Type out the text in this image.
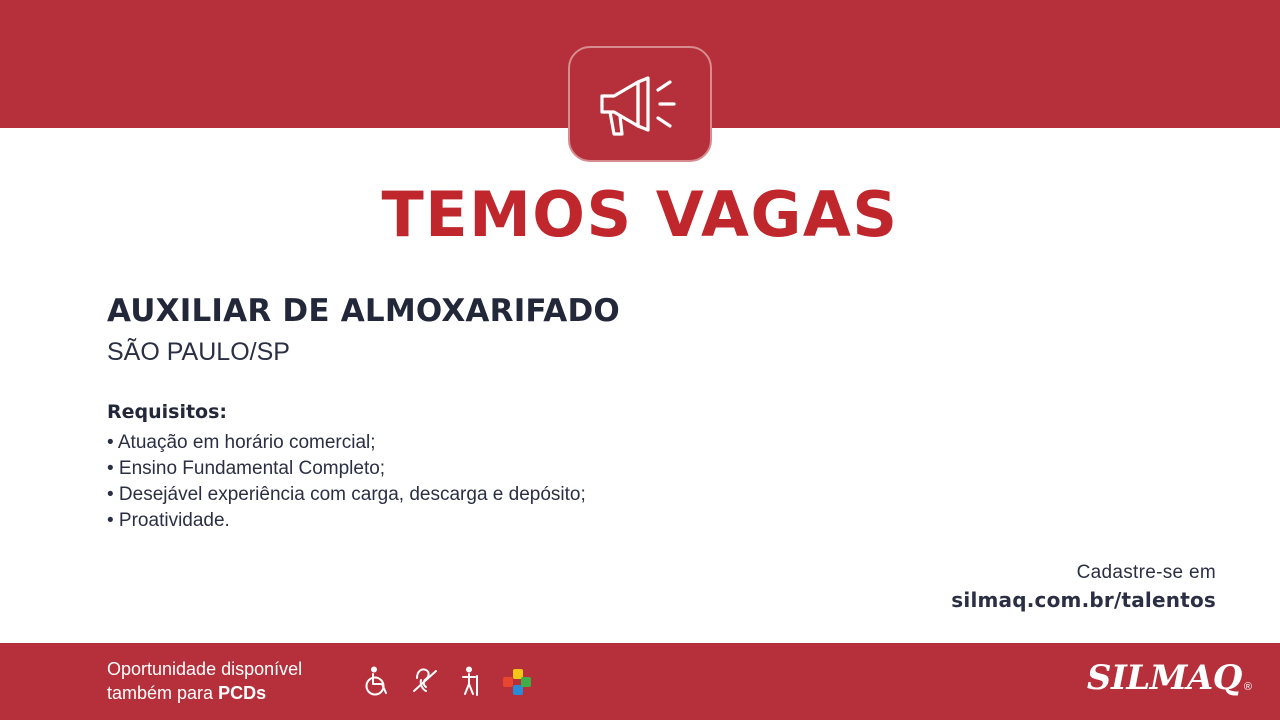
TEMOS VAGAS
AUXILIAR DE ALMOXARIFADO
SÃO PAULO/SP
Requisitos:
• Atuação em horário comercial;
• Ensino Fundamental Completo;
• Desejável experiência com carga, descarga e depósito;
• Proatividade.
Cadastre-se em
silmaq.com.br/talentos
Oportunidade disponível
também para PCDs	SILMAQ ®
